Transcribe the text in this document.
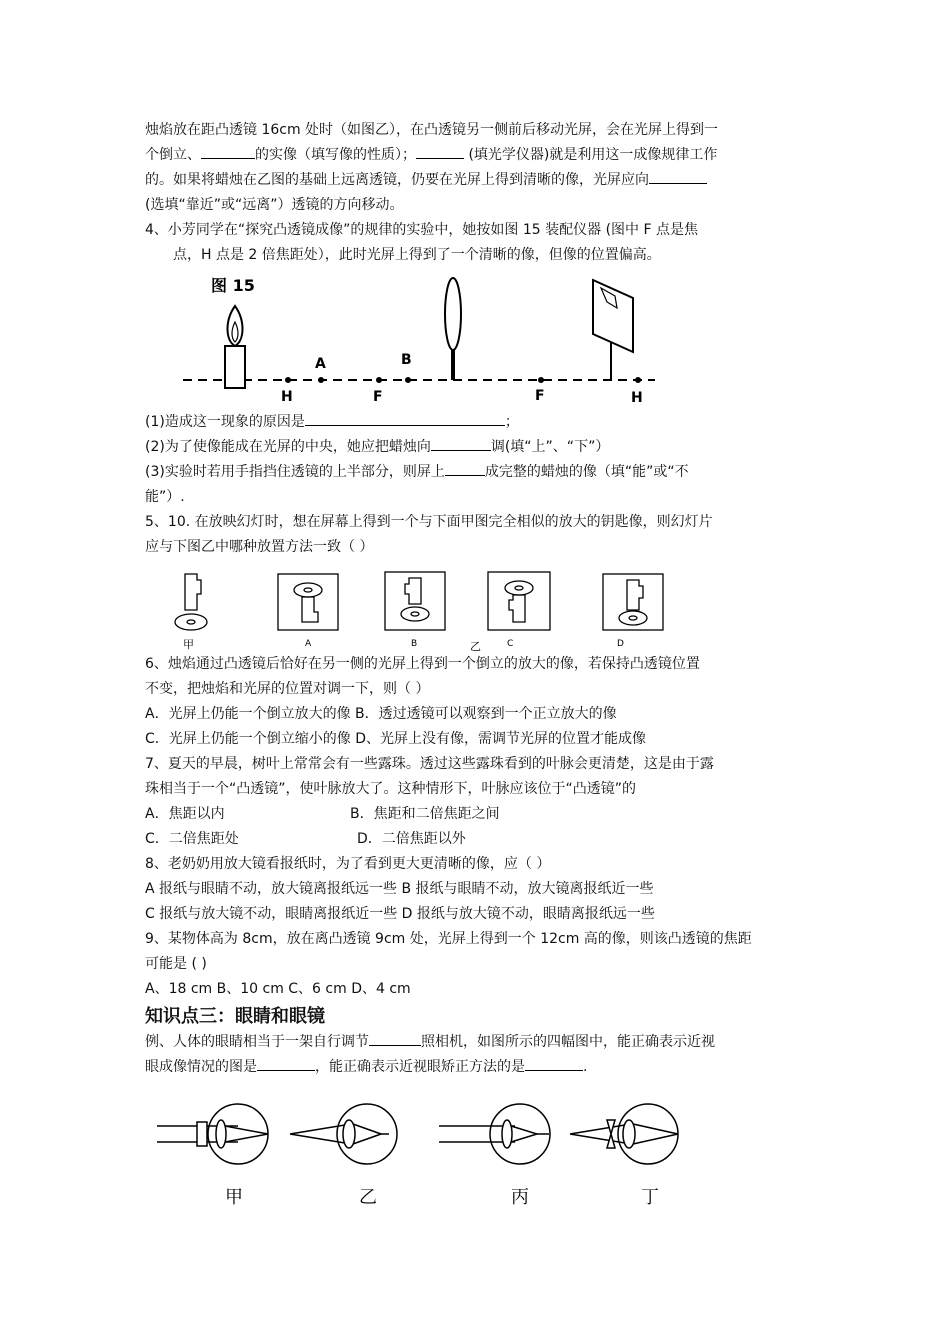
烛焰放在距凸透镜 16cm 处时（如图乙），在凸透镜另一侧前后移动光屏，会在光屏上得到一

个倒立、	的实像（填写像的性质）；	(填光学仪器)就是利用这一成像规律工作

的。如果将蜡烛在乙图的基础上远离透镜，仍要在光屏上得到清晰的像，光屏应向

(选填“靠近”或“远离”）透镜的方向移动。

4、小芳同学在“探究凸透镜成像”的规律的实验中，她按如图 15 装配仪器 (图中 F 点是焦
点，H 点是 2 倍焦距处），此时光屏上得到了一个清晰的像，但像的位置偏高。

图 15
H
A
F
B
F	H

(1)造成这一现象的原因是	；

(2)为了使像能成在光屏的中央，她应把蜡烛向	调(填“上”、“下”）

(3)实验时若用手指挡住透镜的上半部分，则屏上	成完整的蜡烛的像（填“能”或“不
能”）.

5、10. 在放映幻灯时，想在屏幕上得到一个与下面甲图完全相似的放大的钥匙像，则幻灯片
应与下图乙中哪种放置方法一致（ ）

甲	A	B	乙	C	D

6、烛焰通过凸透镜后恰好在另一侧的光屏上得到一个倒立的放大的像，若保持凸透镜位置
不变，把烛焰和光屏的位置对调一下，则（ ）

A．光屏上仍能一个倒立放大的像 B．透过透镜可以观察到一个正立放大的像

C．光屏上仍能一个倒立缩小的像 D、光屏上没有像，需调节光屏的位置才能成像

7、夏天的早晨，树叶上常常会有一些露珠。透过这些露珠看到的叶脉会更清楚，这是由于露
珠相当于一个“凸透镜”，使叶脉放大了。这种情形下，叶脉应该位于“凸透镜”的

A．焦距以内	B．焦距和二倍焦距之间

C．二倍焦距处	D．二倍焦距以外

8、老奶奶用放大镜看报纸时，为了看到更大更清晰的像，应（ ）

A 报纸与眼睛不动，放大镜离报纸远一些 B 报纸与眼睛不动，放大镜离报纸近一些

C 报纸与放大镜不动，眼睛离报纸近一些 D 报纸与放大镜不动，眼睛离报纸远一些

9、某物体高为 8cm，放在离凸透镜 9cm 处，光屏上得到一个 12cm 高的像，则该凸透镜的焦距
可能是 ( )

A、18 cm B、10 cm C、6 cm D、4 cm

知识点三：眼睛和眼镜

例、人体的眼睛相当于一架自行调节	照相机，如图所示的四幅图中，能正确表示近视

眼成像情况的图是	，能正确表示近视眼矫正方法的是	.

甲	乙	丙	丁
